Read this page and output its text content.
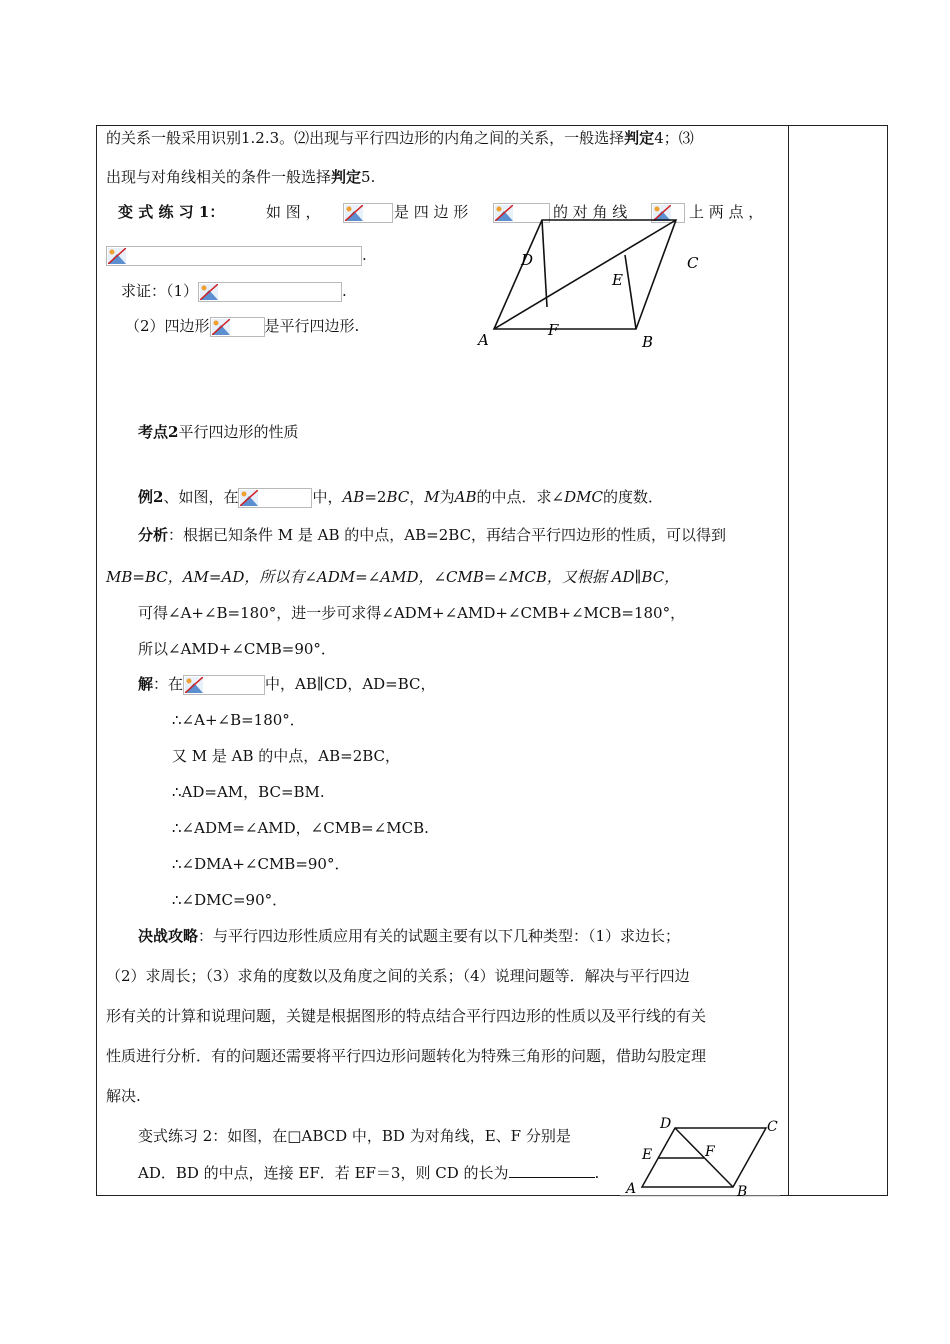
的关系一般采用识别1.2.3。⑵出现与平行四边形的内角之间的关系，一般选择判定4；⑶
出现与对角线相关的条件一般选择判定5.
变 式 练 习 1：	如 图 ，	是 四 边 形	的 对 角 线	上 两 点 ，
.
求证：（1）	.
（2）四边形	是平行四边形.
A	B
C
D
E
F
考点2平行四边形的性质
例2、如图，在	中，AB=2BC，M为AB的中点．求∠DMC的度数．
分析：根据已知条件 M 是 AB 的中点，AB=2BC，再结合平行四边形的性质，可以得到
MB=BC，AM=AD，所以有∠ADM=∠AMD，∠CMB=∠MCB，又根据 AD∥BC，
可得∠A+∠B=180°，进一步可求得∠ADM+∠AMD+∠CMB+∠MCB=180°，
所以∠AMD+∠CMB=90°．
解：在	中，AB∥CD，AD=BC，
∴∠A+∠B=180°．
又 M 是 AB 的中点，AB=2BC，
∴AD=AM，BC=BM.
∴∠ADM=∠AMD，∠CMB=∠MCB.
∴∠DMA+∠CMB=90°．
∴∠DMC=90°．
决战攻略：与平行四边形性质应用有关的试题主要有以下几种类型：（1）求边长；
（2）求周长；（3）求角的度数以及角度之间的关系；（4）说理问题等．解决与平行四边
形有关的计算和说理问题，关键是根据图形的特点结合平行四边形的性质以及平行线的有关
性质进行分析．有的问题还需要将平行四边形问题转化为特殊三角形的问题，借助勾股定理
解决.
变式练习 2：如图，在□ABCD 中，BD 为对角线，E、F 分别是
AD．BD 的中点，连接 EF．若 EF＝3，则 CD 的长为	.
A	B
C
D
E	F
